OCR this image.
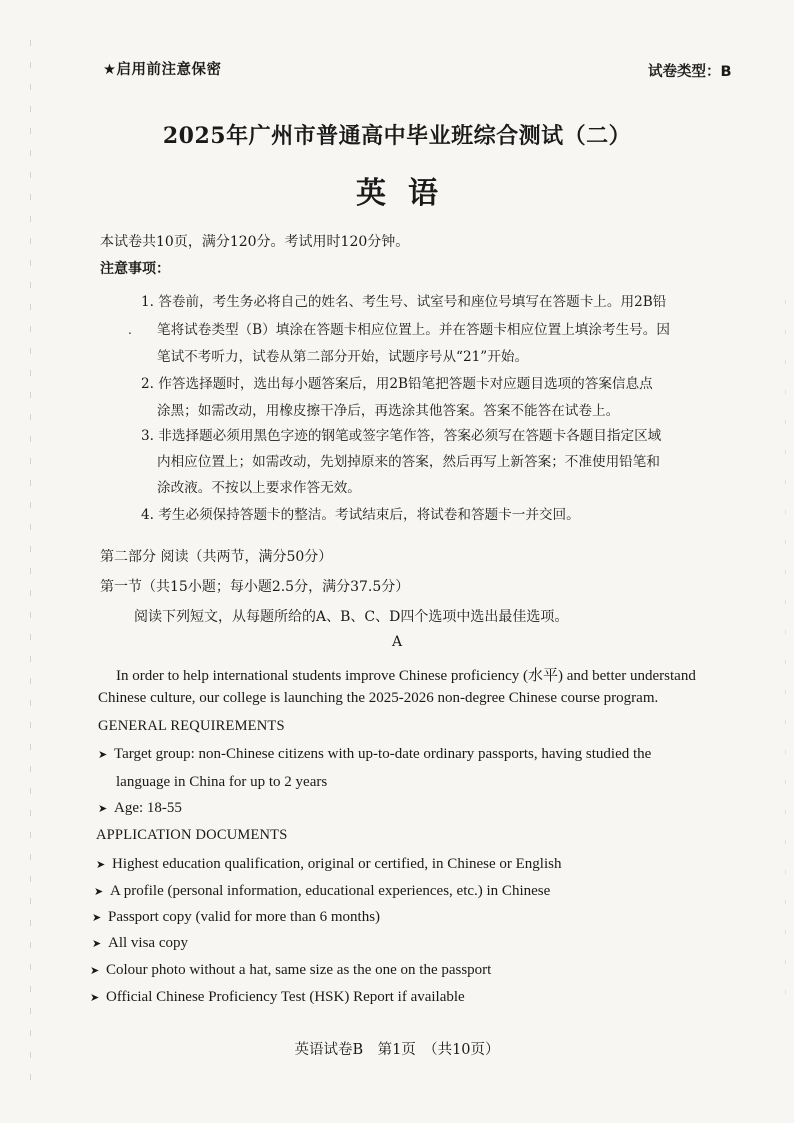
★启用前注意保密	试卷类型：B
2025年广州市普通高中毕业班综合测试（二）
英语
本试卷共10页，满分120分。考试用时120分钟。
注意事项：
1. 答卷前，考生务必将自己的姓名、考生号、试室号和座位号填写在答题卡上。用2B铅
. 笔将试卷类型（B）填涂在答题卡相应位置上。并在答题卡相应位置上填涂考生号。因
笔试不考听力，试卷从第二部分开始，试题序号从“21”开始。
2. 作答选择题时，选出每小题答案后，用2B铅笔把答题卡对应题目选项的答案信息点
涂黑；如需改动，用橡皮擦干净后，再选涂其他答案。答案不能答在试卷上。
3. 非选择题必须用黑色字迹的钢笔或签字笔作答，答案必须写在答题卡各题目指定区域
内相应位置上；如需改动，先划掉原来的答案，然后再写上新答案；不准使用铅笔和
涂改液。不按以上要求作答无效。
4. 考生必须保持答题卡的整洁。考试结束后，将试卷和答题卡一并交回。
第二部分 阅读（共两节，满分50分）
第一节（共15小题；每小题2.5分，满分37.5分）
阅读下列短文，从每题所给的A、B、C、D四个选项中选出最佳选项。
A
In order to help international students improve Chinese proficiency (水平) and better understand
Chinese culture, our college is launching the 2025-2026 non-degree Chinese course program.
GENERAL REQUIREMENTS
➤ Target group: non-Chinese citizens with up-to-date ordinary passports, having studied the
language in China for up to 2 years
➤ Age: 18-55
APPLICATION DOCUMENTS
➤ Highest education qualification, original or certified, in Chinese or English
➤ A profile (personal information, educational experiences, etc.) in Chinese
➤ Passport copy (valid for more than 6 months)
➤ All visa copy
➤ Colour photo without a hat, same size as the one on the passport
➤ Official Chinese Proficiency Test (HSK) Report if available
英语试卷B　第1页　（共10页）
